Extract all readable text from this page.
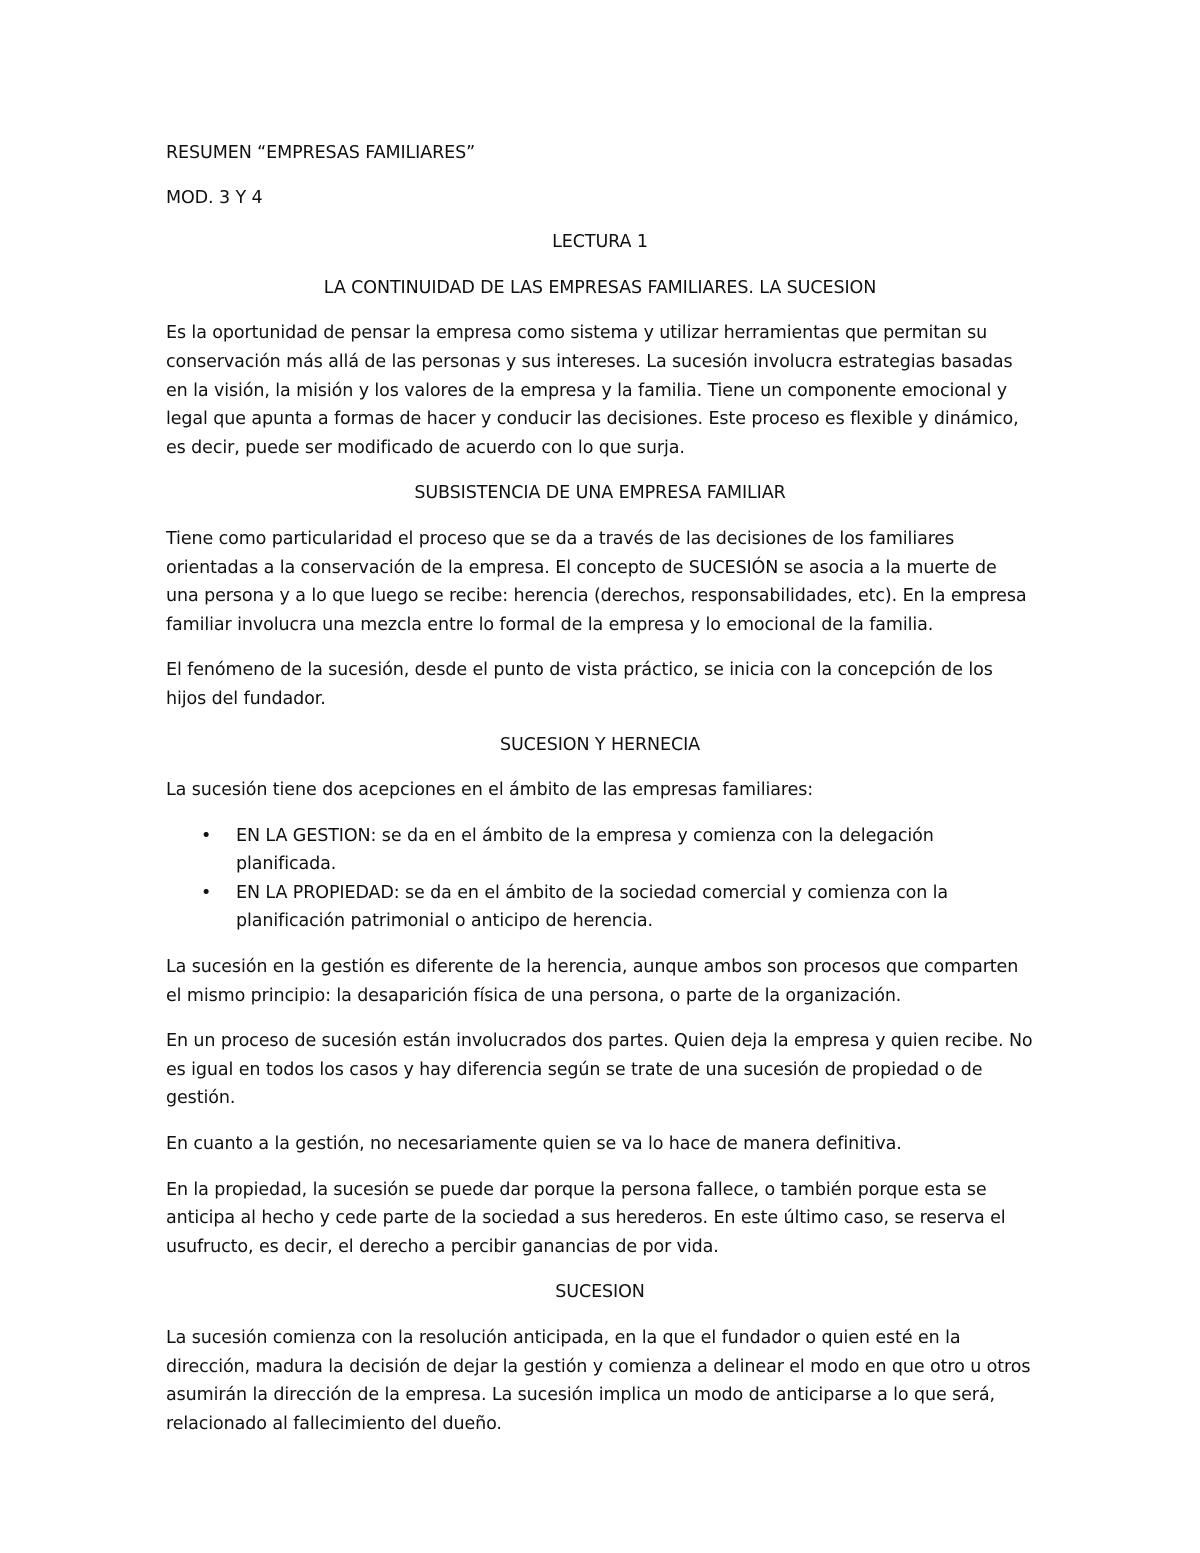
RESUMEN “EMPRESAS FAMILIARES”

MOD. 3 Y 4

LECTURA 1

LA CONTINUIDAD DE LAS EMPRESAS FAMILIARES. LA SUCESION

Es la oportunidad de pensar la empresa como sistema y utilizar herramientas que permitan su conservación más allá de las personas y sus intereses. La sucesión involucra estrategias basadas en la visión, la misión y los valores de la empresa y la familia. Tiene un componente emocional y legal que apunta a formas de hacer y conducir las decisiones. Este proceso es flexible y dinámico, es decir, puede ser modificado de acuerdo con lo que surja.

SUBSISTENCIA DE UNA EMPRESA FAMILIAR

Tiene como particularidad el proceso que se da a través de las decisiones de los familiares orientadas a la conservación de la empresa. El concepto de SUCESIÓN se asocia a la muerte de una persona y a lo que luego se recibe: herencia (derechos, responsabilidades, etc). En la empresa familiar involucra una mezcla entre lo formal de la empresa y lo emocional de la familia.

El fenómeno de la sucesión, desde el punto de vista práctico, se inicia con la concepción de los hijos del fundador.

SUCESION Y HERNECIA

La sucesión tiene dos acepciones en el ámbito de las empresas familiares:

• EN LA GESTION: se da en el ámbito de la empresa y comienza con la delegación planificada.
• EN LA PROPIEDAD: se da en el ámbito de la sociedad comercial y comienza con la planificación patrimonial o anticipo de herencia.

La sucesión en la gestión es diferente de la herencia, aunque ambos son procesos que comparten el mismo principio: la desaparición física de una persona, o parte de la organización.

En un proceso de sucesión están involucrados dos partes. Quien deja la empresa y quien recibe. No es igual en todos los casos y hay diferencia según se trate de una sucesión de propiedad o de gestión.

En cuanto a la gestión, no necesariamente quien se va lo hace de manera definitiva.

En la propiedad, la sucesión se puede dar porque la persona fallece, o también porque esta se anticipa al hecho y cede parte de la sociedad a sus herederos. En este último caso, se reserva el usufructo, es decir, el derecho a percibir ganancias de por vida.

SUCESION

La sucesión comienza con la resolución anticipada, en la que el fundador o quien esté en la dirección, madura la decisión de dejar la gestión y comienza a delinear el modo en que otro u otros asumirán la dirección de la empresa. La sucesión implica un modo de anticiparse a lo que será, relacionado al fallecimiento del dueño.
